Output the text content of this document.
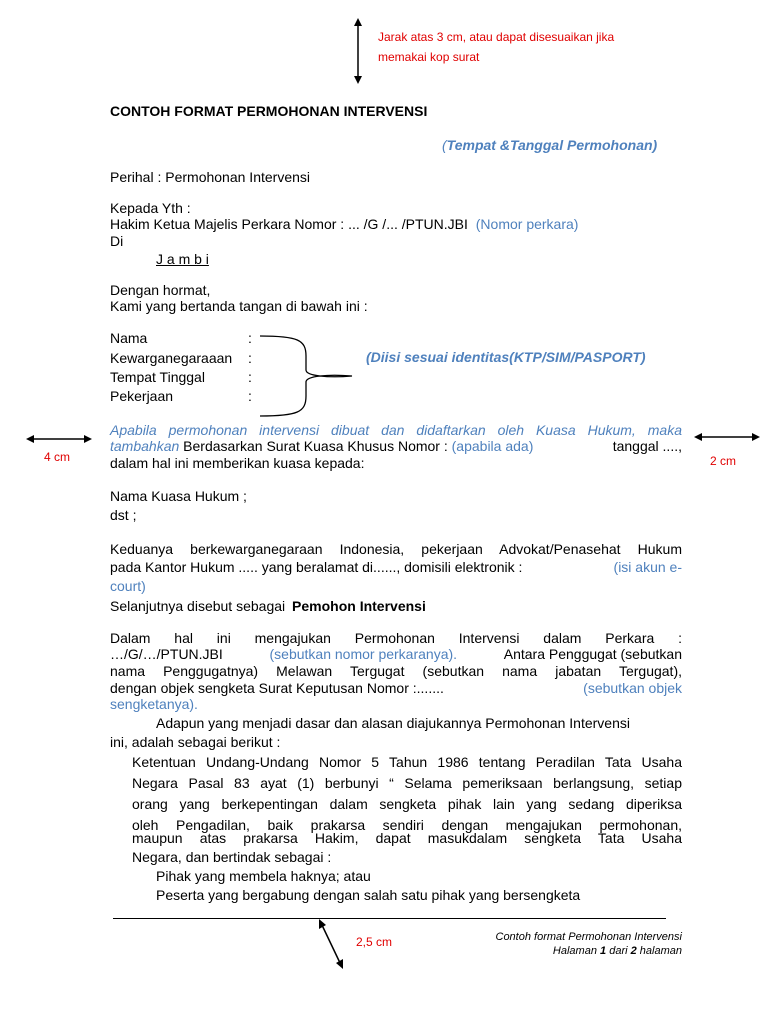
Jarak atas 3 cm, atau dapat disesuaikan jika
memakai kop surat
4 cm	2 cm
2,5 cm
CONTOH FORMAT PERMOHONAN INTERVENSI
(Tempat &Tanggal Permohonan)
Perihal : Permohonan Intervensi
Kepada Yth :
Hakim Ketua Majelis Perkara Nomor : ... /G /... /PTUN.JBI (Nomor perkara)
Di
J a m b i
Dengan hormat,
Kami yang bertanda tangan di bawah ini :
Nama	:
Kewarganegaraaan :
Tempat Tinggal	:
Pekerjaan	:
(Diisi sesuai identitas(KTP/SIM/PASPORT)
Apabila permohonan intervensi dibuat dan didaftarkan oleh Kuasa Hukum, maka
tambahkan Berdasarkan Surat Kuasa Khusus Nomor : (apabila ada)	tanggal ....,
dalam hal ini memberikan kuasa kepada:
Nama Kuasa Hukum ;
dst ;
Keduanya berkewarganegaraan Indonesia, pekerjaan Advokat/Penasehat Hukum
pada Kantor Hukum ..... yang beralamat di......, domisili elektronik :	(isi akun e-
court)
Selanjutnya disebut sebagai Pemohon Intervensi
Dalam hal ini mengajukan Permohonan Intervensi dalam Perkara :
…/G/…/PTUN.JBI	(sebutkan nomor perkaranya).	Antara Penggugat (sebutkan
nama Penggugatnya) Melawan Tergugat (sebutkan nama jabatan Tergugat),
dengan objek sengketa Surat Keputusan Nomor :.......	(sebutkan objek
sengketanya).
Adapun yang menjadi dasar dan alasan diajukannya Permohonan Intervensi
ini, adalah sebagai berikut :
Ketentuan Undang-Undang Nomor 5 Tahun 1986 tentang Peradilan Tata Usaha
Negara Pasal 83 ayat (1) berbunyi “ Selama pemeriksaan berlangsung, setiap
orang yang berkepentingan dalam sengketa pihak lain yang sedang diperiksa
oleh Pengadilan, baik prakarsa sendiri dengan mengajukan permohonan,
maupun atas prakarsa Hakim, dapat masukdalam sengketa Tata Usaha
Negara, dan bertindak sebagai :
Pihak yang membela haknya; atau
Peserta yang bergabung dengan salah satu pihak yang bersengketa
Contoh format Permohonan Intervensi
Halaman 1 dari 2 halaman
